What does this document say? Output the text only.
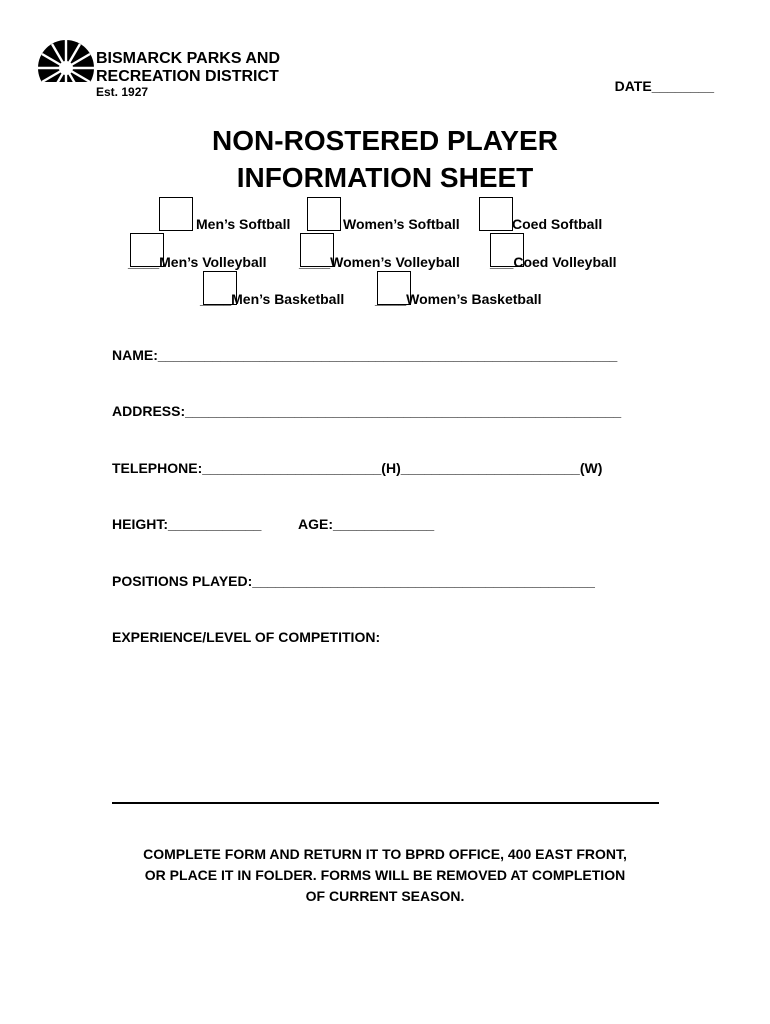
BISMARCK PARKS AND
RECREATION DISTRICT
Est. 1927	DATE________
NON-ROSTERED PLAYER
INFORMATION SHEET
Men’s Softball	Women’s Softball	Coed Softball
____Men’s Volleyball ____Women’s Volleyball ___Coed Volleyball
____Men’s Basketball ____Women’s Basketball
NAME:___________________________________________________________
ADDRESS:________________________________________________________
TELEPHONE:_______________________(H)_______________________(W)
HEIGHT:____________	AGE:_____________
POSITIONS PLAYED:____________________________________________
EXPERIENCE/LEVEL OF COMPETITION:
COMPLETE FORM AND RETURN IT TO BPRD OFFICE, 400 EAST FRONT,
OR PLACE IT IN FOLDER. FORMS WILL BE REMOVED AT COMPLETION
OF CURRENT SEASON.
